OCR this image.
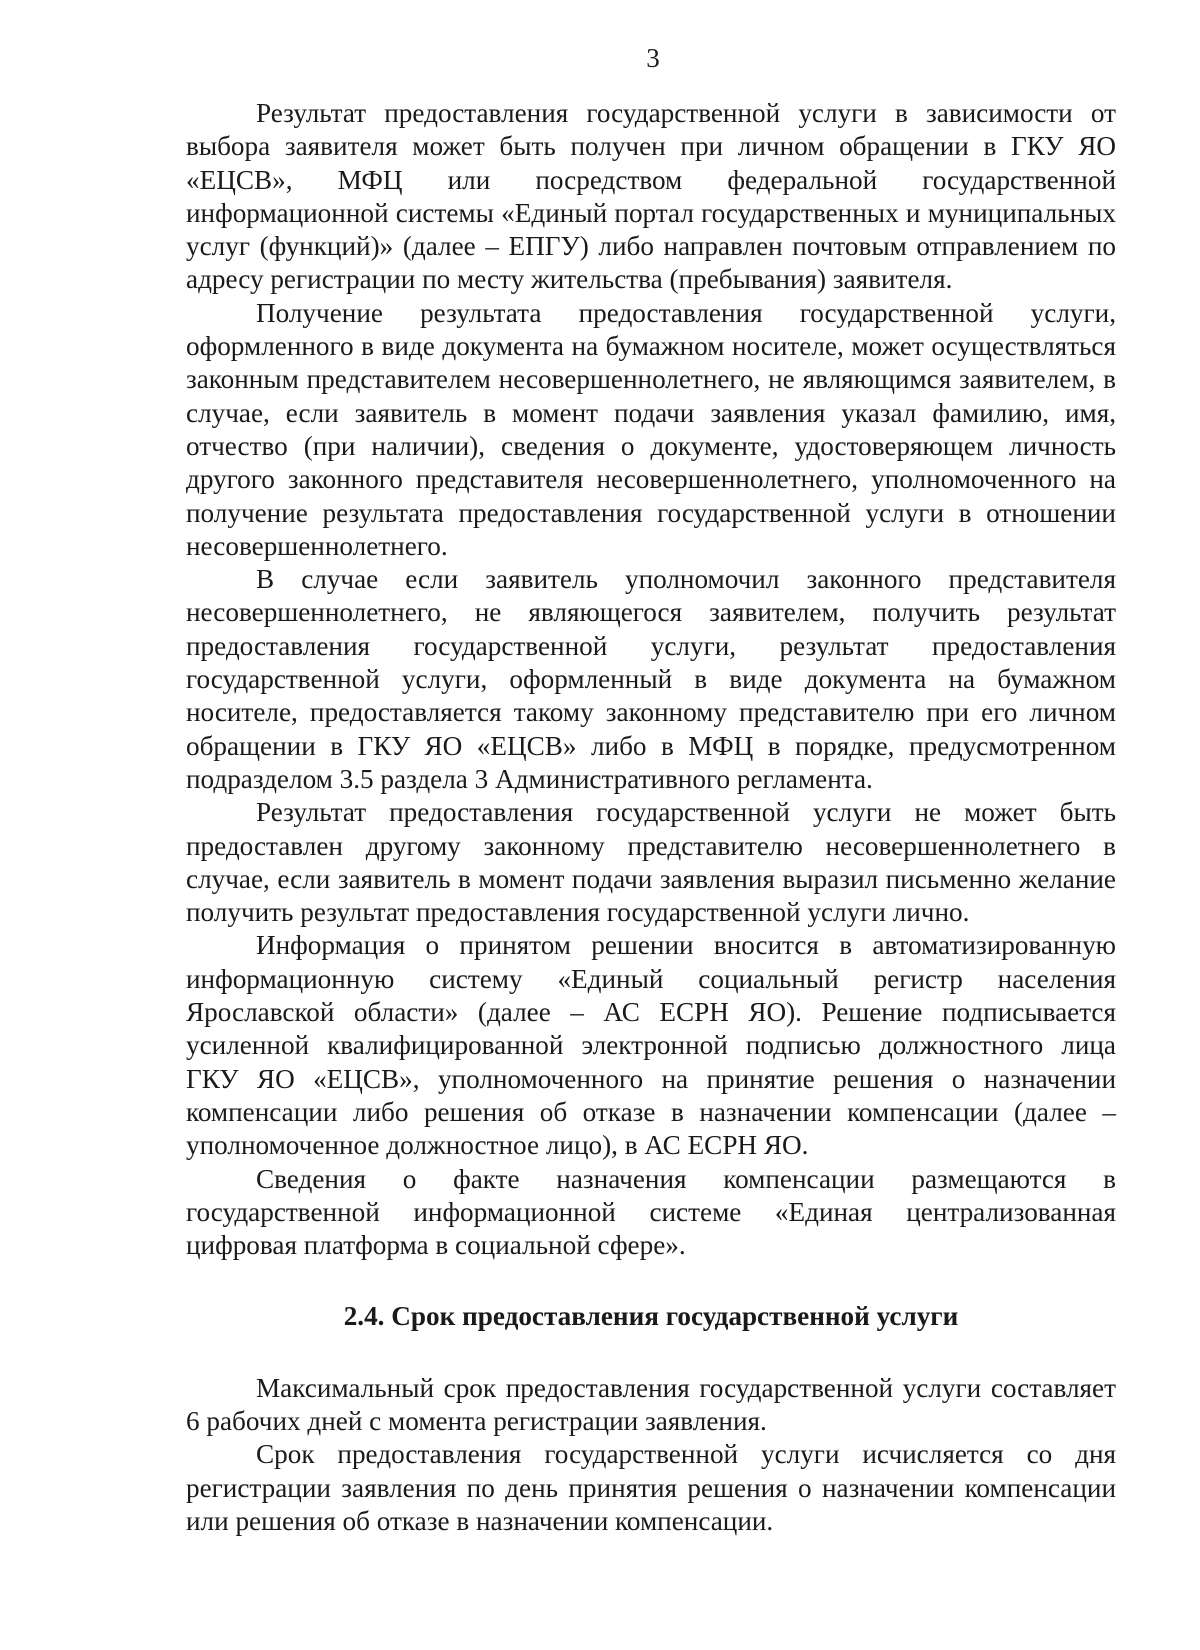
3

Результат предоставления государственной услуги в зависимости от выбора заявителя может быть получен при личном обращении в ГКУ ЯО «ЕЦСВ», МФЦ или посредством федеральной государственной информационной системы «Единый портал государственных и муниципальных услуг (функций)» (далее – ЕПГУ) либо направлен почтовым отправлением по адресу регистрации по месту жительства (пребывания) заявителя.

Получение результата предоставления государственной услуги, оформленного в виде документа на бумажном носителе, может осуществляться законным представителем несовершеннолетнего, не являющимся заявителем, в случае, если заявитель в момент подачи заявления указал фамилию, имя, отчество (при наличии), сведения о документе, удостоверяющем личность другого законного представителя несовершеннолетнего, уполномоченного на получение результата предоставления государственной услуги в отношении несовершеннолетнего.

В случае если заявитель уполномочил законного представителя несовершеннолетнего, не являющегося заявителем, получить результат предоставления государственной услуги, результат предоставления государственной услуги, оформленный в виде документа на бумажном носителе, предоставляется такому законному представителю при его личном обращении в ГКУ ЯО «ЕЦСВ» либо в МФЦ в порядке, предусмотренном подразделом 3.5 раздела 3 Административного регламента.

Результат предоставления государственной услуги не может быть предоставлен другому законному представителю несовершеннолетнего в случае, если заявитель в момент подачи заявления выразил письменно желание получить результат предоставления государственной услуги лично.

Информация о принятом решении вносится в автоматизированную информационную систему «Единый социальный регистр населения Ярославской области» (далее – АС ЕСРН ЯО). Решение подписывается усиленной квалифицированной электронной подписью должностного лица ГКУ ЯО «ЕЦСВ», уполномоченного на принятие решения о назначении компенсации либо решения об отказе в назначении компенсации (далее – уполномоченное должностное лицо), в АС ЕСРН ЯО.

Сведения о факте назначения компенсации размещаются в государственной информационной системе «Единая централизованная цифровая платформа в социальной сфере».

2.4. Срок предоставления государственной услуги

Максимальный срок предоставления государственной услуги составляет 6 рабочих дней с момента регистрации заявления.

Срок предоставления государственной услуги исчисляется со дня регистрации заявления по день принятия решения о назначении компенсации или решения об отказе в назначении компенсации.
